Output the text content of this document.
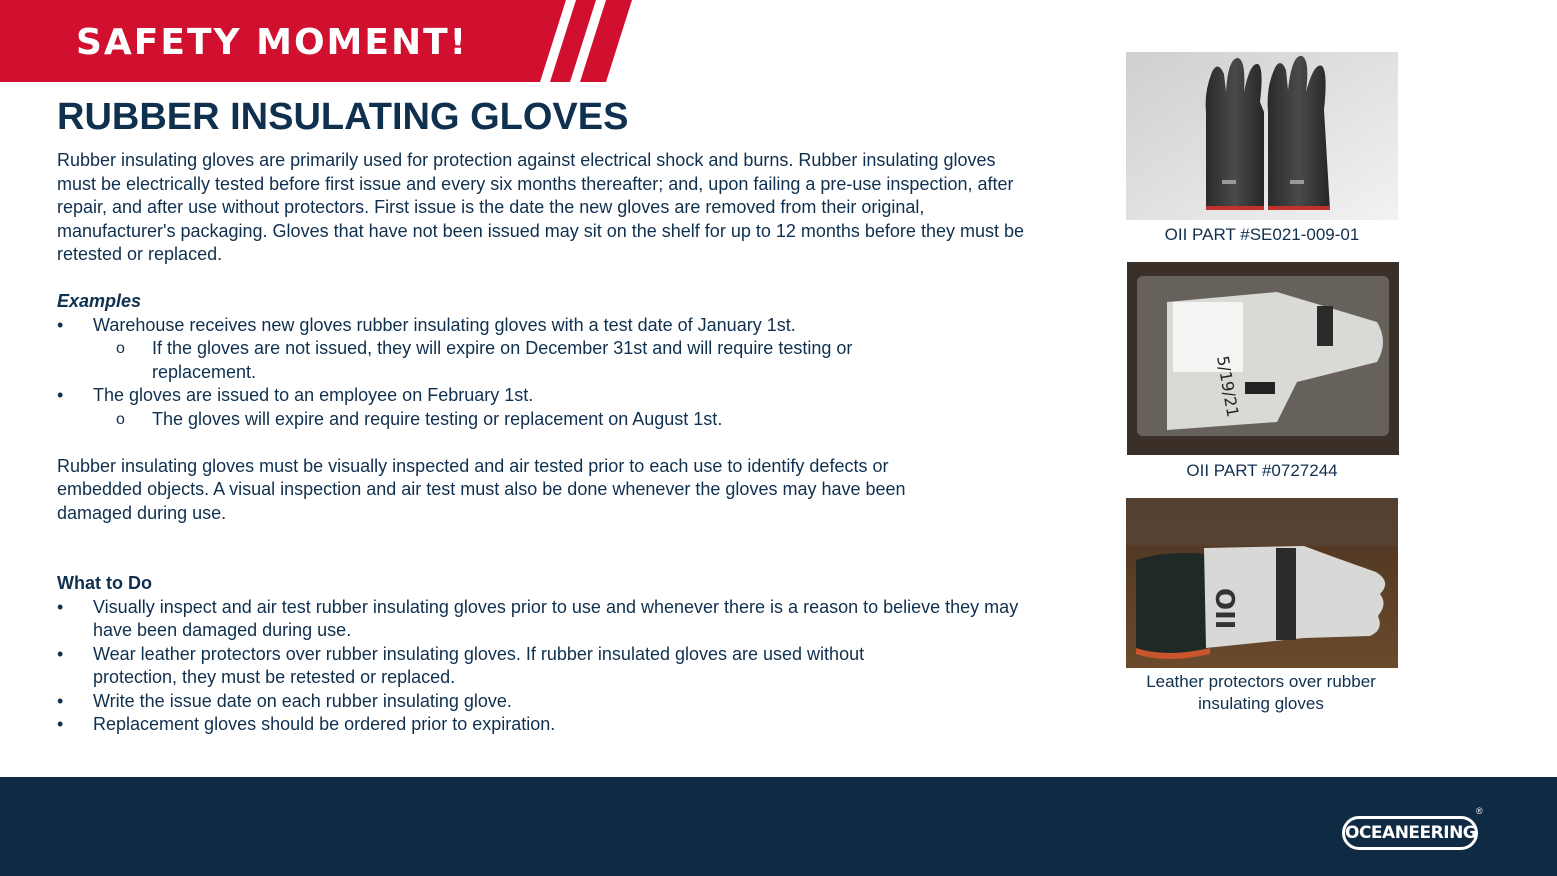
SAFETY MOMENT!
RUBBER INSULATING GLOVES

Rubber insulating gloves are primarily used for protection against electrical shock and burns. Rubber insulating gloves must be electrically tested before first issue and every six months thereafter; and, upon failing a pre-use inspection, after repair, and after use without protectors. First issue is the date the new gloves are removed from their original, manufacturer's packaging. Gloves that have not been issued may sit on the shelf for up to 12 months before they must be retested or replaced.

Examples

• Warehouse receives new gloves rubber insulating gloves with a test date of January 1st.
o If the gloves are not issued, they will expire on December 31st and will require testing or replacement.
• The gloves are issued to an employee on February 1st.
o The gloves will expire and require testing or replacement on August 1st.

Rubber insulating gloves must be visually inspected and air tested prior to each use to identify defects or embedded objects. A visual inspection and air test must also be done whenever the gloves may have been damaged during use.

What to Do

• Visually inspect and air test rubber insulating gloves prior to use and whenever there is a reason to believe they may have been damaged during use.
• Wear leather protectors over rubber insulating gloves. If rubber insulated gloves are used without protection, they must be retested or replaced.
• Write the issue date on each rubber insulating glove.
• Replacement gloves should be ordered prior to expiration.
OII PART #SE021-009-01
5/19/21
OII PART #0727244
OII
Leather protectors over rubber insulating gloves
OCEANEERING
®
